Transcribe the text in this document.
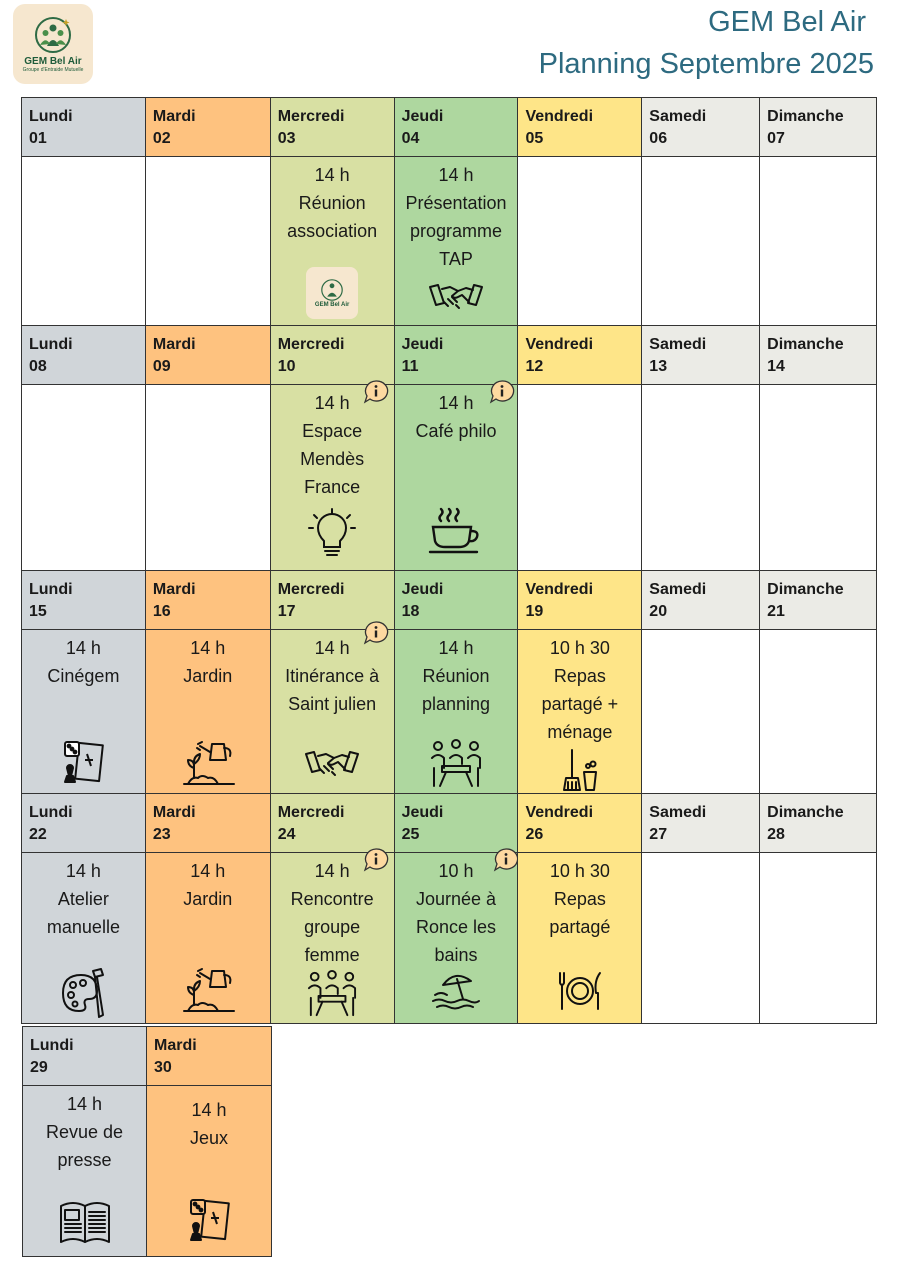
GEM Bel Air
Groupe d'Entraide Mutuelle
GEM Bel Air
Planning Septembre 2025
Lundi
01
Mardi
02
Mercredi
03
14 h
Réunion
association
GEM Bel Air
Jeudi
04
14 h
Présentation
programme
TAP
Vendredi
05
Samedi
06
Dimanche
07
Lundi
08
Mardi
09
Mercredi
10
14 h
Espace
Mendès
France
Jeudi
11
14 h
Café philo
Vendredi
12
Samedi
13
Dimanche
14
Lundi
15
14 h
Cinégem
Mardi
16
14 h
Jardin
Mercredi
17
14 h
Itinérance à
Saint julien
Jeudi
18
14 h
Réunion
planning
Vendredi
19
10 h 30
Repas
partagé +
ménage
Samedi
20
Dimanche
21
Lundi
22
14 h
Atelier
manuelle
Mardi
23
14 h
Jardin
Mercredi
24
14 h
Rencontre
groupe
femme
Jeudi
25
10 h
Journée à
Ronce les
bains
Vendredi
26
10 h 30
Repas
partagé
Samedi
27
Dimanche
28
Lundi
29
14 h
Revue de
presse
Mardi
30
14 h
Jeux
